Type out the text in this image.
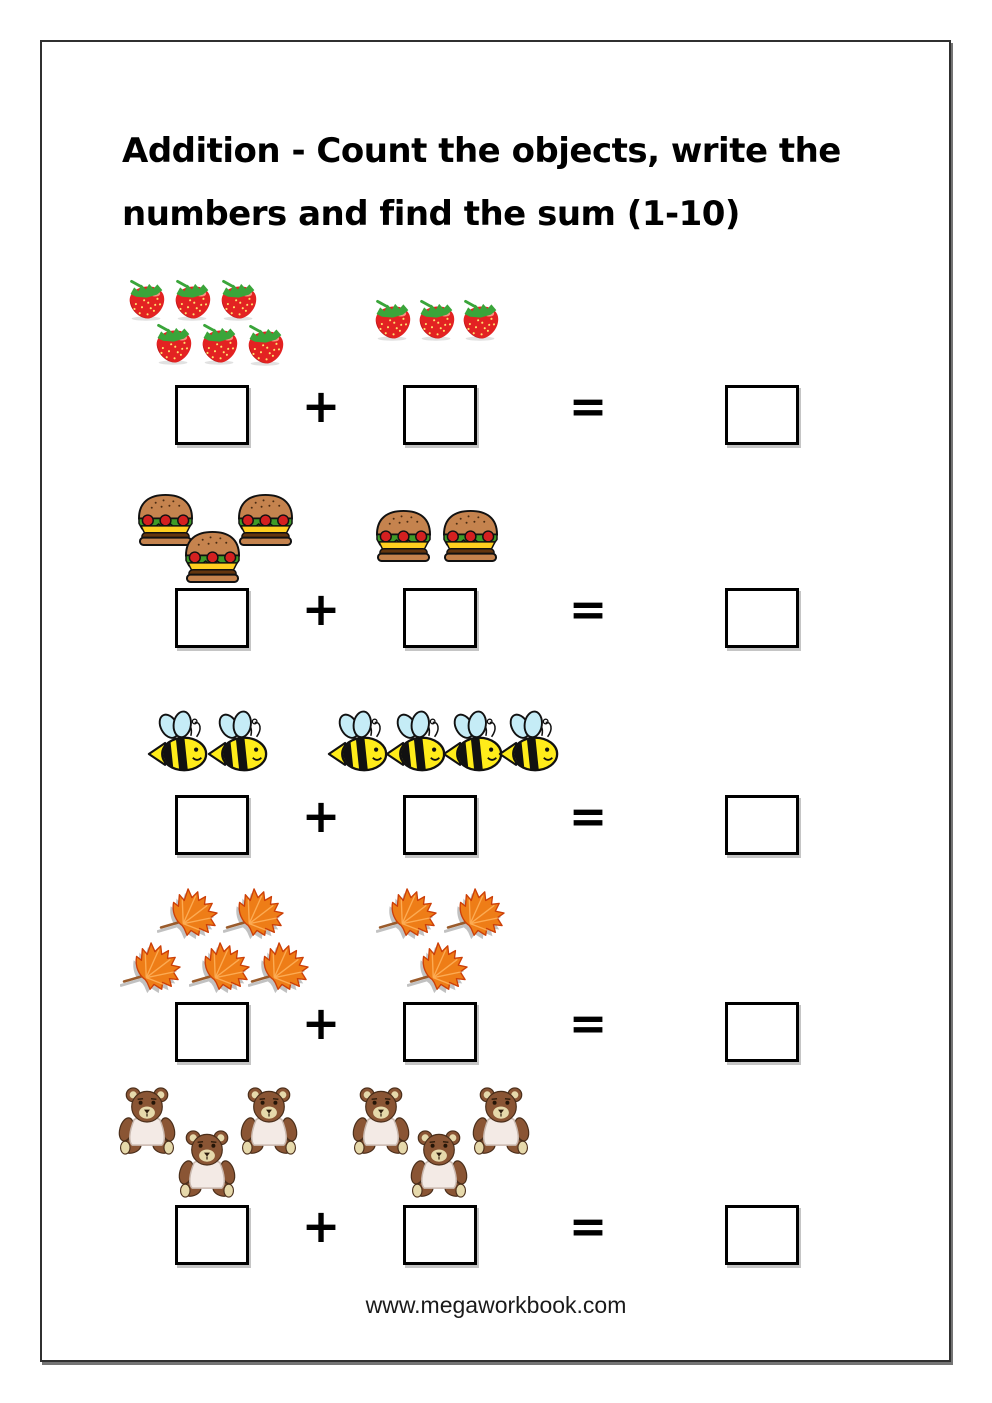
Addition - Count the objects, write the
numbers and find the sum (1-10)
+	=
+	=
+	=
+	=
+	=
www.megaworkbook.com
